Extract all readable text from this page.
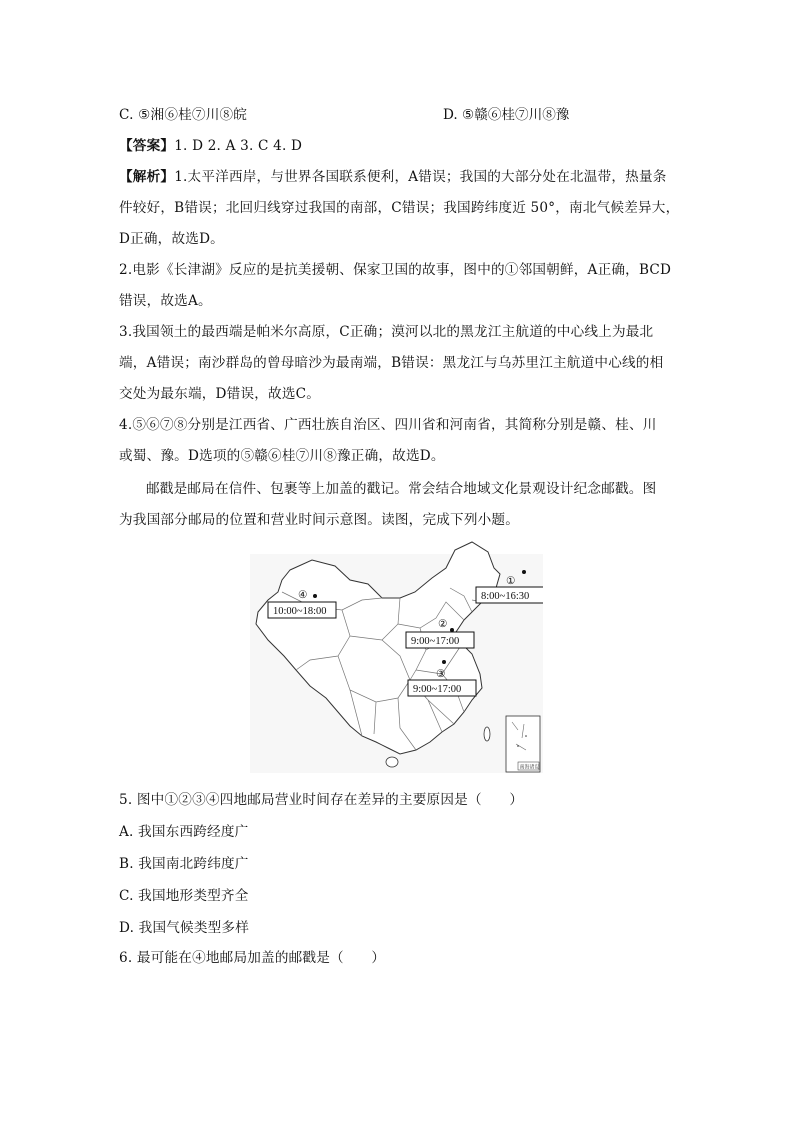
C. ⑤湘⑥桂⑦川⑧皖	D. ⑤赣⑥桂⑦川⑧豫
【答案】1. D 2. A 3. C 4. D
【解析】1.太平洋西岸，与世界各国联系便利，A错误；我国的大部分处在北温带，热量条
件较好，B错误；北回归线穿过我国的南部，C错误；我国跨纬度近 50°，南北气候差异大，
D正确，故选D。
2.电影《长津湖》反应的是抗美援朝、保家卫国的故事，图中的①邻国朝鲜，A正确，BCD
错误，故选A。
3.我国领土的最西端是帕米尔高原，C正确；漠河以北的黑龙江主航道的中心线上为最北
端，A错误；南沙群岛的曾母暗沙为最南端，B错误：黑龙江与乌苏里江主航道中心线的相
交处为最东端，D错误，故选C。
4.⑤⑥⑦⑧分别是江西省、广西壮族自治区、四川省和河南省，其简称分别是赣、桂、川
或蜀、豫。D选项的⑤赣⑥桂⑦川⑧豫正确，故选D。
邮戳是邮局在信件、包裹等上加盖的戳记。常会结合地域文化景观设计纪念邮戳。图
为我国部分邮局的位置和营业时间示意图。读图，完成下列小题。
④
10:00~18:00
①
8:00~16:30
②
9:00~17:00
③
9:00~17:00
南海诸岛
5. 图中①②③④四地邮局营业时间存在差异的主要原因是（　　）
A. 我国东西跨经度广
B. 我国南北跨纬度广
C. 我国地形类型齐全
D. 我国气候类型多样
6. 最可能在④地邮局加盖的邮戳是（　　）
